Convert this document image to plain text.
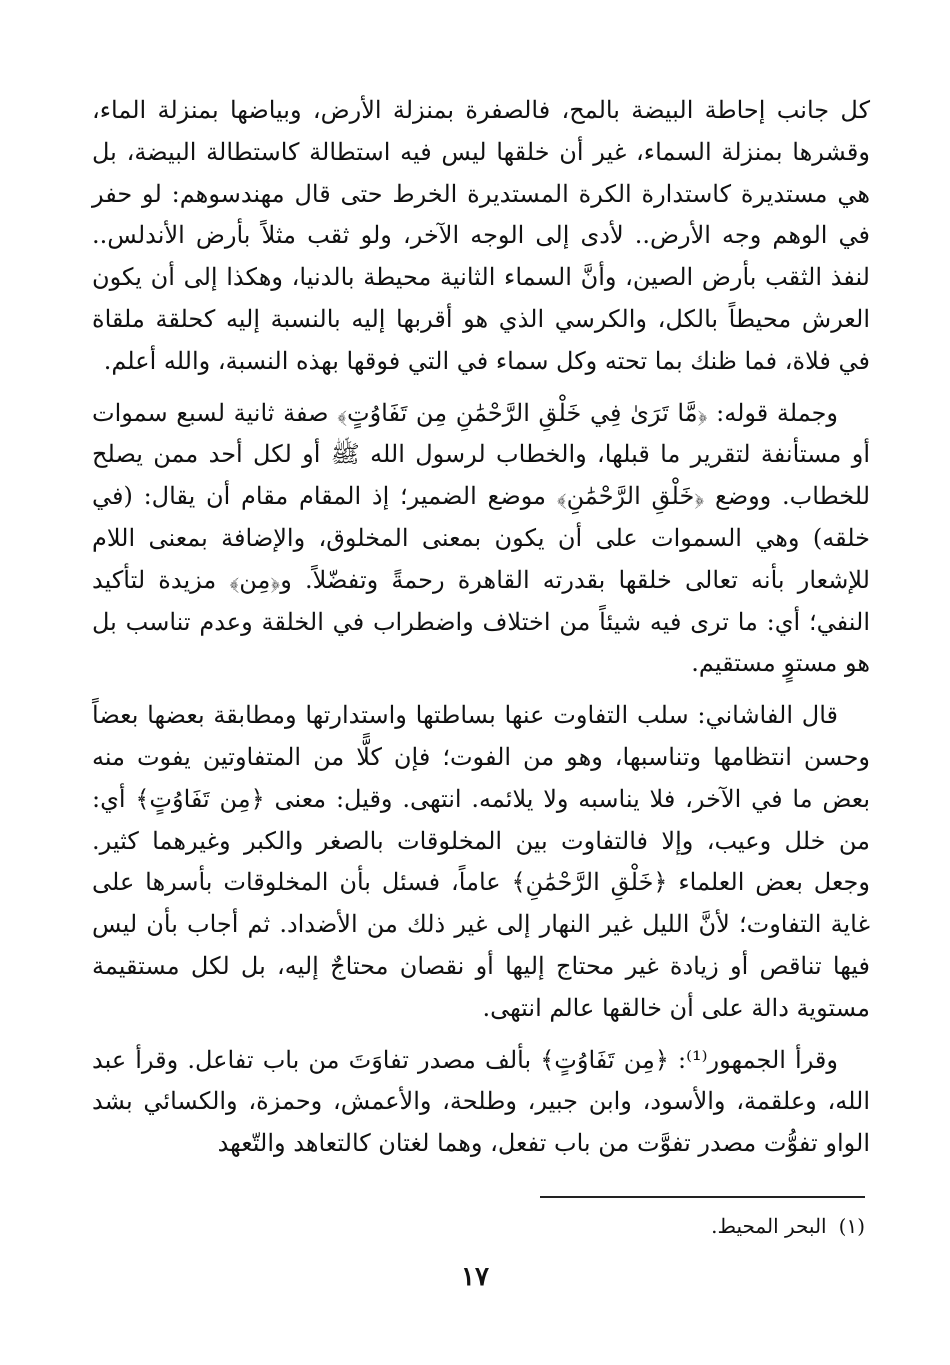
كل جانب إحاطة البيضة بالمح، فالصفرة بمنزلة الأرض، وبياضها بمنزلة الماء، وقشرها بمنزلة السماء، غير أن خلقها ليس فيه استطالة كاستطالة البيضة، بل هي مستديرة كاستدارة الكرة المستديرة الخرط حتى قال مهندسوهم: لو حفر في الوهم وجه الأرض.. لأدى إلى الوجه الآخر، ولو ثقب مثلاً بأرض الأندلس.. لنفذ الثقب بأرض الصين، وأنَّ السماء الثانية محيطة بالدنيا، وهكذا إلى أن يكون العرش محيطاً بالكل، والكرسي الذي هو أقربها إليه بالنسبة إليه كحلقة ملقاة في فلاة، فما ظنك بما تحته وكل سماء في التي فوقها بهذه النسبة، والله أعلم.

وجملة قوله: ﴿مَّا تَرَىٰ فِي خَلْقِ الرَّحْمَٰنِ مِن تَفَاوُتٍ﴾ صفة ثانية لسبع سموات أو مستأنفة لتقرير ما قبلها، والخطاب لرسول الله ﷺ أو لكل أحد ممن يصلح للخطاب. ووضع ﴿خَلْقِ الرَّحْمَٰنِ﴾ موضع الضمير؛ إذ المقام مقام أن يقال: (في خلقه) وهي السموات على أن يكون بمعنى المخلوق، والإضافة بمعنى اللام للإشعار بأنه تعالى خلقها بقدرته القاهرة رحمةً وتفضّلاً. و﴿مِن﴾ مزيدة لتأكيد النفي؛ أي: ما ترى فيه شيئاً من اختلاف واضطراب في الخلقة وعدم تناسب بل هو مستوٍ مستقيم.

قال الفاشاني: سلب التفاوت عنها بساطتها واستدارتها ومطابقة بعضها بعضاً وحسن انتظامها وتناسبها، وهو من الفوت؛ فإن كلًّا من المتفاوتين يفوت منه بعض ما في الآخر، فلا يناسبه ولا يلائمه. انتهى. وقيل: معنى ﴿مِن تَفَاوُتٍ﴾ أي: من خلل وعيب، وإلا فالتفاوت بين المخلوقات بالصغر والكبر وغيرهما كثير. وجعل بعض العلماء ﴿خَلْقِ الرَّحْمَٰنِ﴾ عاماً، فسئل بأن المخلوقات بأسرها على غاية التفاوت؛ لأنَّ الليل غير النهار إلى غير ذلك من الأضداد. ثم أجاب بأن ليس فيها تناقص أو زيادة غير محتاج إليها أو نقصان محتاجٌ إليه، بل لكل مستقيمة مستوية دالة على أن خالقها عالم انتهى.

وقرأ الجمهور⁽¹⁾: ﴿مِن تَفَاوُتٍ﴾ بألف مصدر تفاوَتَ من باب تفاعل. وقرأ عبد الله، وعلقمة، والأسود، وابن جبير، وطلحة، والأعمش، وحمزة، والكسائي بشد الواو تفوُّت مصدر تفوَّت من باب تفعل، وهما لغتان كالتعاهد والتّعهد

(١)البحر المحيط.
١٧
